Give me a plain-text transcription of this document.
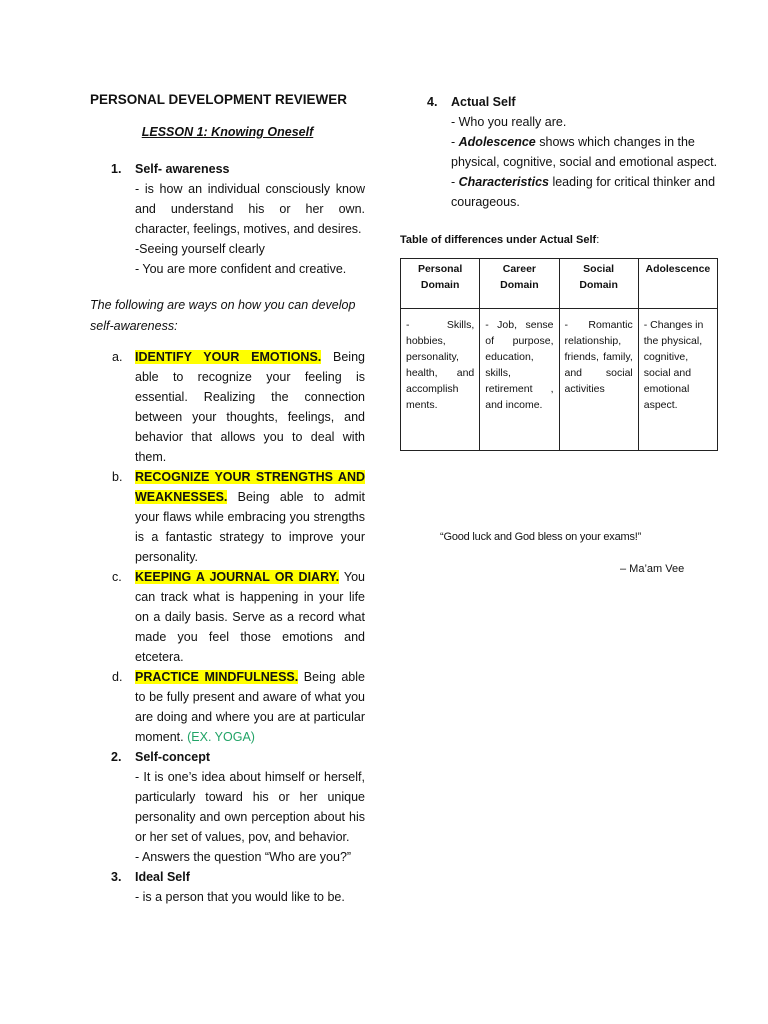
PERSONAL DEVELOPMENT REVIEWER

LESSON 1: Knowing Oneself

1. Self- awareness
- is how an individual consciously know and understand his or her own. character, feelings, motives, and desires.
-Seeing yourself clearly
- You are more confident and creative.
The following are ways on how you can develop self-awareness:
a. IDENTIFY YOUR EMOTIONS. Being able to recognize your feeling is essential. Realizing the connection between your thoughts, feelings, and behavior that allows you to deal with them.
b. RECOGNIZE YOUR STRENGTHS AND WEAKNESSES. Being able to admit your flaws while embracing you strengths is a fantastic strategy to improve your personality.
c. KEEPING A JOURNAL OR DIARY. You can track what is happening in your life on a daily basis. Serve as a record what made you feel those emotions and etcetera.
d. PRACTICE MINDFULNESS. Being able to be fully present and aware of what you are doing and where you are at particular moment. (EX. YOGA)
2. Self-concept
- It is one’s idea about himself or herself, particularly toward his or her unique personality and own perception about his or her set of values, pov, and behavior.
- Answers the question “Who are you?”
3. Ideal Self
- is a person that you would like to be.
4. Actual Self
- Who you really are.
- Adolescence shows which changes in the physical, cognitive, social and emotional aspect.
- Characteristics leading for critical thinker and courageous.
Table of differences under Actual Self:
Personal Domain	Career Domain	Social Domain	Adolescence
- Skills, hobbies, personality, health, and accomplish ments.	- Job, sense of purpose, education, skills, retirement , and income.	- Romantic relationship, friends, family, and social activities	- Changes in the physical, cognitive, social and emotional aspect.
“Good luck and God bless on your exams!”
– Ma’am Vee
